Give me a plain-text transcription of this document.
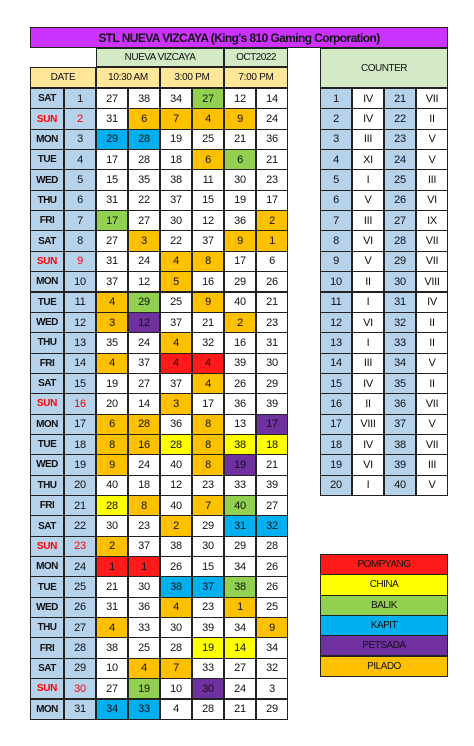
STL NUEVA VIZCAYA (King's 810 Gaming Corporation)
NUEVA VIZCAYA	OCT2022
DATE	10:30 AM	3:00 PM	7:00 PM
COUNTER
SAT	1	27	38	34	27	12	14
SUN	2	31	6	7	4	9	24
MON	3	29	28	19	25	21	36
TUE	4	17	28	18	6	6	21
WED	5	15	35	38	11	30	23
THU	6	31	22	37	15	19	17
FRI	7	17	27	30	12	36	2
SAT	8	27	3	22	37	9	1
SUN	9	31	24	4	8	17	6
MON	10	37	12	5	16	29	26
TUE	11	4	29	25	9	40	21
WED	12	3	12	37	21	2	23
THU	13	35	24	4	32	16	31
FRI	14	4	37	4	4	39	30
SAT	15	19	27	37	4	26	29
SUN	16	20	14	3	17	36	39
MON	17	6	28	36	8	13	17
TUE	18	8	16	28	8	38	18
WED	19	9	24	40	8	19	21
THU	20	40	18	12	23	33	39
FRI	21	28	8	40	7	40	27
SAT	22	30	23	2	29	31	32
SUN	23	2	37	38	30	29	28
MON	24	1	1	26	15	34	26
TUE	25	21	30	38	37	38	26
WED	26	31	36	4	23	1	25
THU	27	4	33	30	39	34	9
FRI	28	38	25	28	19	14	34
SAT	29	10	4	7	33	27	32
SUN	30	27	19	10	30	24	3
MON	31	34	33	4	28	21	29
1	IV	21	VII
2	IV	22	II
3	III	23	V
4	XI	24	V
5	I	25	III
6	V	26	VI
7	III	27	IX
8	VI	28	VII
9	V	29	VII
10	II	30	VIII
11	I	31	IV
12	VI	32	II
13	I	33	II
14	III	34	V
15	IV	35	II
16	II	36	VII
17	VIII	37	V
18	IV	38	VII
19	VI	39	III
20	I	40	V
POMPYANG
CHINA
BALIK
KAPIT
PETSADA
PILADO
